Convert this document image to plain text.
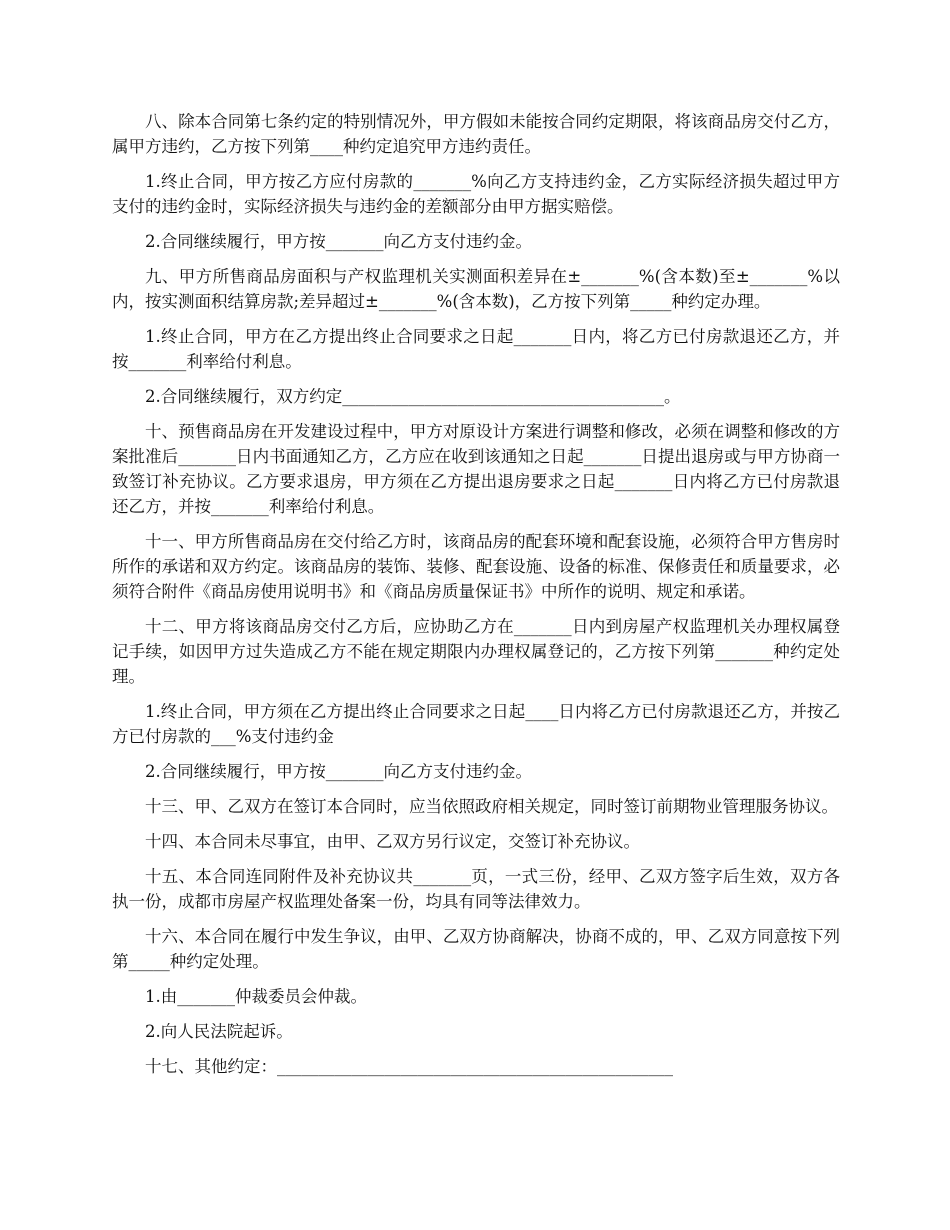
八、除本合同第七条约定的特别情况外，甲方假如未能按合同约定期限，将该商品房交付乙方，属甲方违约，乙方按下列第____种约定追究甲方违约责任。

1.终止合同，甲方按乙方应付房款的_______%向乙方支持违约金，乙方实际经济损失超过甲方支付的违约金时，实际经济损失与违约金的差额部分由甲方据实赔偿。

2.合同继续履行，甲方按_______向乙方支付违约金。

九、甲方所售商品房面积与产权监理机关实测面积差异在±_______%(含本数)至±_______%以内，按实测面积结算房款;差异超过±_______%(含本数)，乙方按下列第_____种约定办理。

1.终止合同，甲方在乙方提出终止合同要求之日起_______日内，将乙方已付房款退还乙方，并按_______利率给付利息。

2.合同继续履行，双方约定_______________________________________。

十、预售商品房在开发建设过程中，甲方对原设计方案进行调整和修改，必须在调整和修改的方案批准后_______日内书面通知乙方，乙方应在收到该通知之日起_______日提出退房或与甲方协商一致签订补充协议。乙方要求退房，甲方须在乙方提出退房要求之日起_______日内将乙方已付房款退还乙方，并按_______利率给付利息。

十一、甲方所售商品房在交付给乙方时，该商品房的配套环境和配套设施，必须符合甲方售房时所作的承诺和双方约定。该商品房的装饰、装修、配套设施、设备的标准、保修责任和质量要求，必须符合附件《商品房使用说明书》和《商品房质量保证书》中所作的说明、规定和承诺。

十二、甲方将该商品房交付乙方后，应协助乙方在_______日内到房屋产权监理机关办理权属登记手续，如因甲方过失造成乙方不能在规定期限内办理权属登记的，乙方按下列第_______种约定处理。

1.终止合同，甲方须在乙方提出终止合同要求之日起____日内将乙方已付房款退还乙方，并按乙方已付房款的___%支付违约金

2.合同继续履行，甲方按_______向乙方支付违约金。

十三、甲、乙双方在签订本合同时，应当依照政府相关规定，同时签订前期物业管理服务协议。

十四、本合同未尽事宜，由甲、乙双方另行议定，交签订补充协议。

十五、本合同连同附件及补充协议共_______页，一式三份，经甲、乙双方签字后生效，双方各执一份，成都市房屋产权监理处备案一份，均具有同等法律效力。

十六、本合同在履行中发生争议，由甲、乙双方协商解决，协商不成的，甲、乙双方同意按下列第_____种约定处理。

1.由_______仲裁委员会仲裁。

2.向人民法院起诉。

十七、其他约定：________________________________________________
